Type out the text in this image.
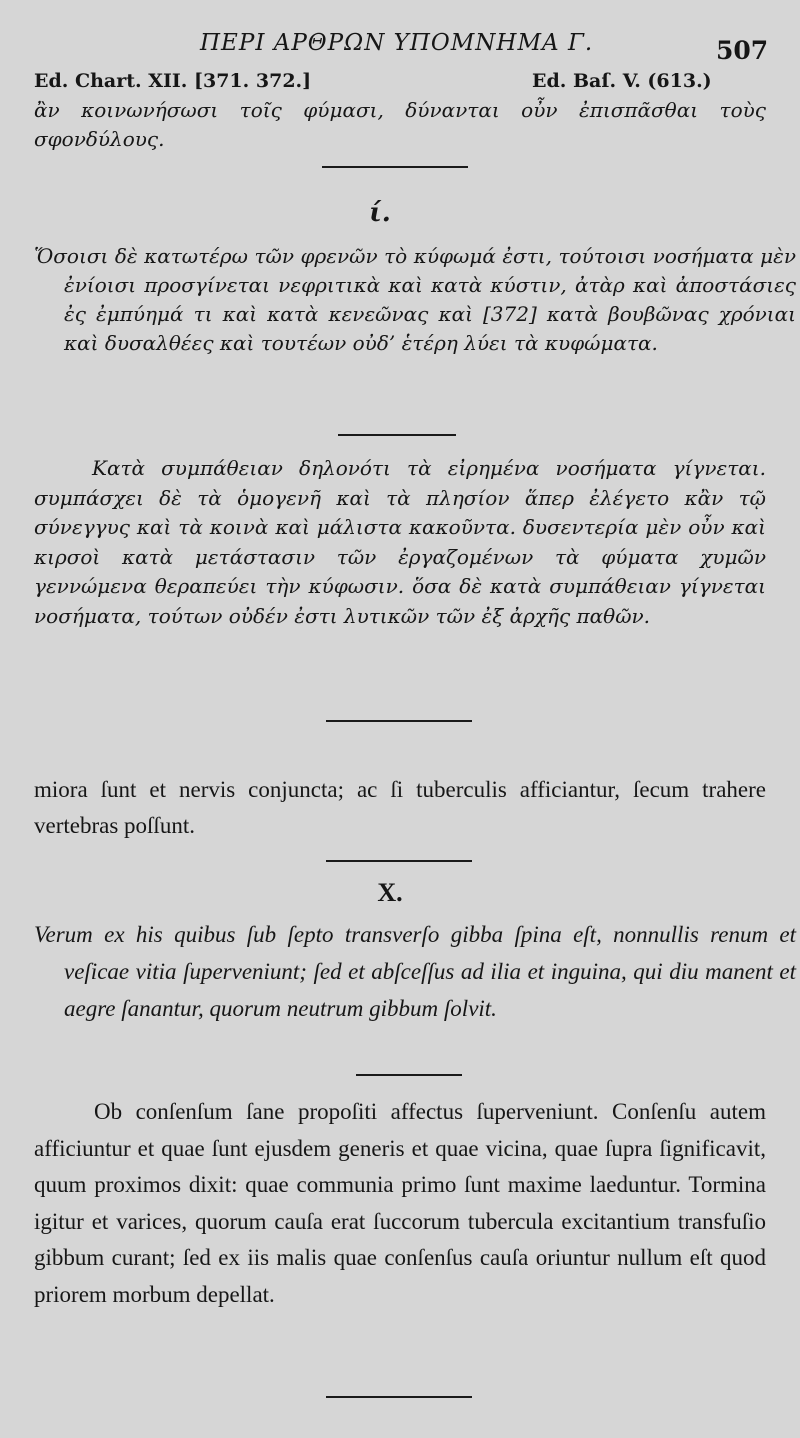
ΠΕΡΙ ΑΡΘΡΩΝ ΥΠΟΜΝΗΜΑ Γ.	507
Ed. Chart. XII. [371. 372.]	Ed. Baſ. V. (613.)

ἂν κοινωνήσωσι τοῖς φύμασι, δύνανται οὖν ἐπισπᾶσθαι τοὺς σφονδύλους.

ί.

Ὅσοισι δὲ κατωτέρω τῶν φρενῶν τὸ κύφωμά ἐστι, τούτοισι νοσήματα μὲν ἐνίοισι προσγίνεται νεφριτικὰ καὶ κατὰ κύστιν, ἀτὰρ καὶ ἀποστάσιες ἐς ἐμπύημά τι καὶ κατὰ κενεῶνας καὶ [372] κατὰ βουβῶνας χρόνιαι καὶ δυσαλθέες καὶ τουτέων οὐδ’ ἑτέρη λύει τὰ κυφώματα.

Κατὰ συμπάθειαν δηλονότι τὰ εἰρημένα νοσήματα γίγνεται. συμπάσχει δὲ τὰ ὁμογενῆ καὶ τὰ πλησίον ἅπερ ἐλέγετο κἂν τῷ σύνεγγυς καὶ τὰ κοινὰ καὶ μάλιστα κακοῦντα. δυσεντερία μὲν οὖν καὶ κιρσοὶ κατὰ μετάστασιν τῶν ἐργαζομένων τὰ φύματα χυμῶν γεννώμενα θεραπεύει τὴν κύφωσιν. ὅσα δὲ κατὰ συμπάθειαν γίγνεται νοσήματα, τούτων οὐδέν ἐστι λυτικῶν τῶν ἐξ ἀρχῆς παθῶν.

miora ſunt et nervis conjuncta; ac ſi tuberculis afficiantur, ſecum trahere vertebras poſſunt.

X.

Verum ex his quibus ſub ſepto transverſo gibba ſpina eſt, nonnullis renum et veſicae vitia ſuperveniunt; ſed et abſceſſus ad ilia et inguina, qui diu manent et aegre ſanantur, quorum neutrum gibbum ſolvit.

Ob conſenſum ſane propoſiti affectus ſuperveniunt. Conſenſu autem afficiuntur et quae ſunt ejusdem generis et quae vicina, quae ſupra ſignificavit, quum proximos dixit: quae communia primo ſunt maxime laeduntur. Tormina igitur et varices, quorum cauſa erat ſuccorum tubercula excitantium transfuſio gibbum curant; ſed ex iis malis quae conſenſus cauſa oriuntur nullum eſt quod priorem morbum depellat.
